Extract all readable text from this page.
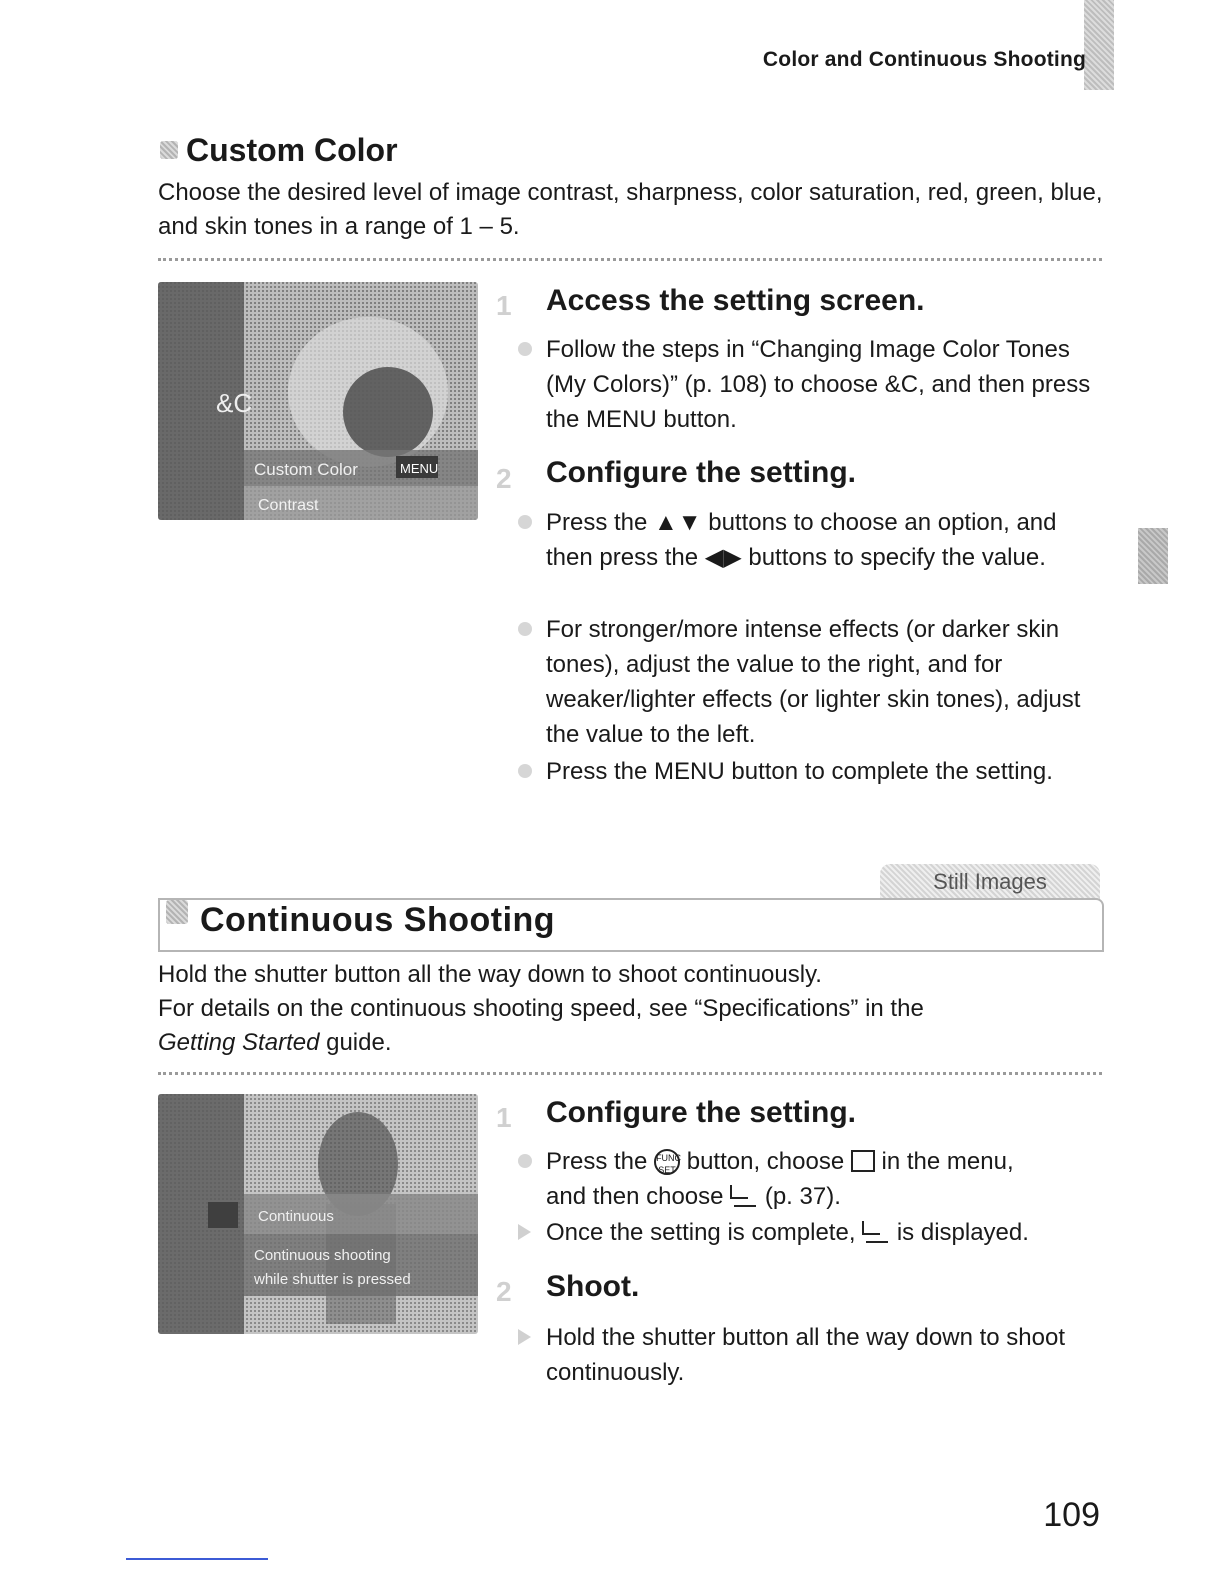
Color and Continuous Shooting
Custom Color
Choose the desired level of image contrast, sharpness, color saturation, red, green, blue, and skin tones in a range of 1 – 5.
&C
Custom Color	MENU
Contrast
1 Access the setting screen.
Follow the steps in “Changing Image Color Tones (My Colors)” (p. 108) to choose &C, and then press the MENU button.
2 Configure the setting.
Press the ▲▼ buttons to choose an option, and then press the ◀▶ buttons to specify the value.
For stronger/more intense effects (or darker skin tones), adjust the value to the right, and for weaker/lighter effects (or lighter skin tones), adjust the value to the left.
Press the MENU button to complete the setting.
Still Images
Continuous Shooting
Hold the shutter button all the way down to shoot continuously.
For details on the continuous shooting speed, see “Specifications” in the
Getting Started guide.
Continuous
Continuous shooting
while shutter is pressed
1 Configure the setting.
Press the FUNC
SET button, choose in the menu,
and then choose (p. 37).
Once the setting is complete, is displayed.
2 Shoot.
Hold the shutter button all the way down to shoot continuously.
109
